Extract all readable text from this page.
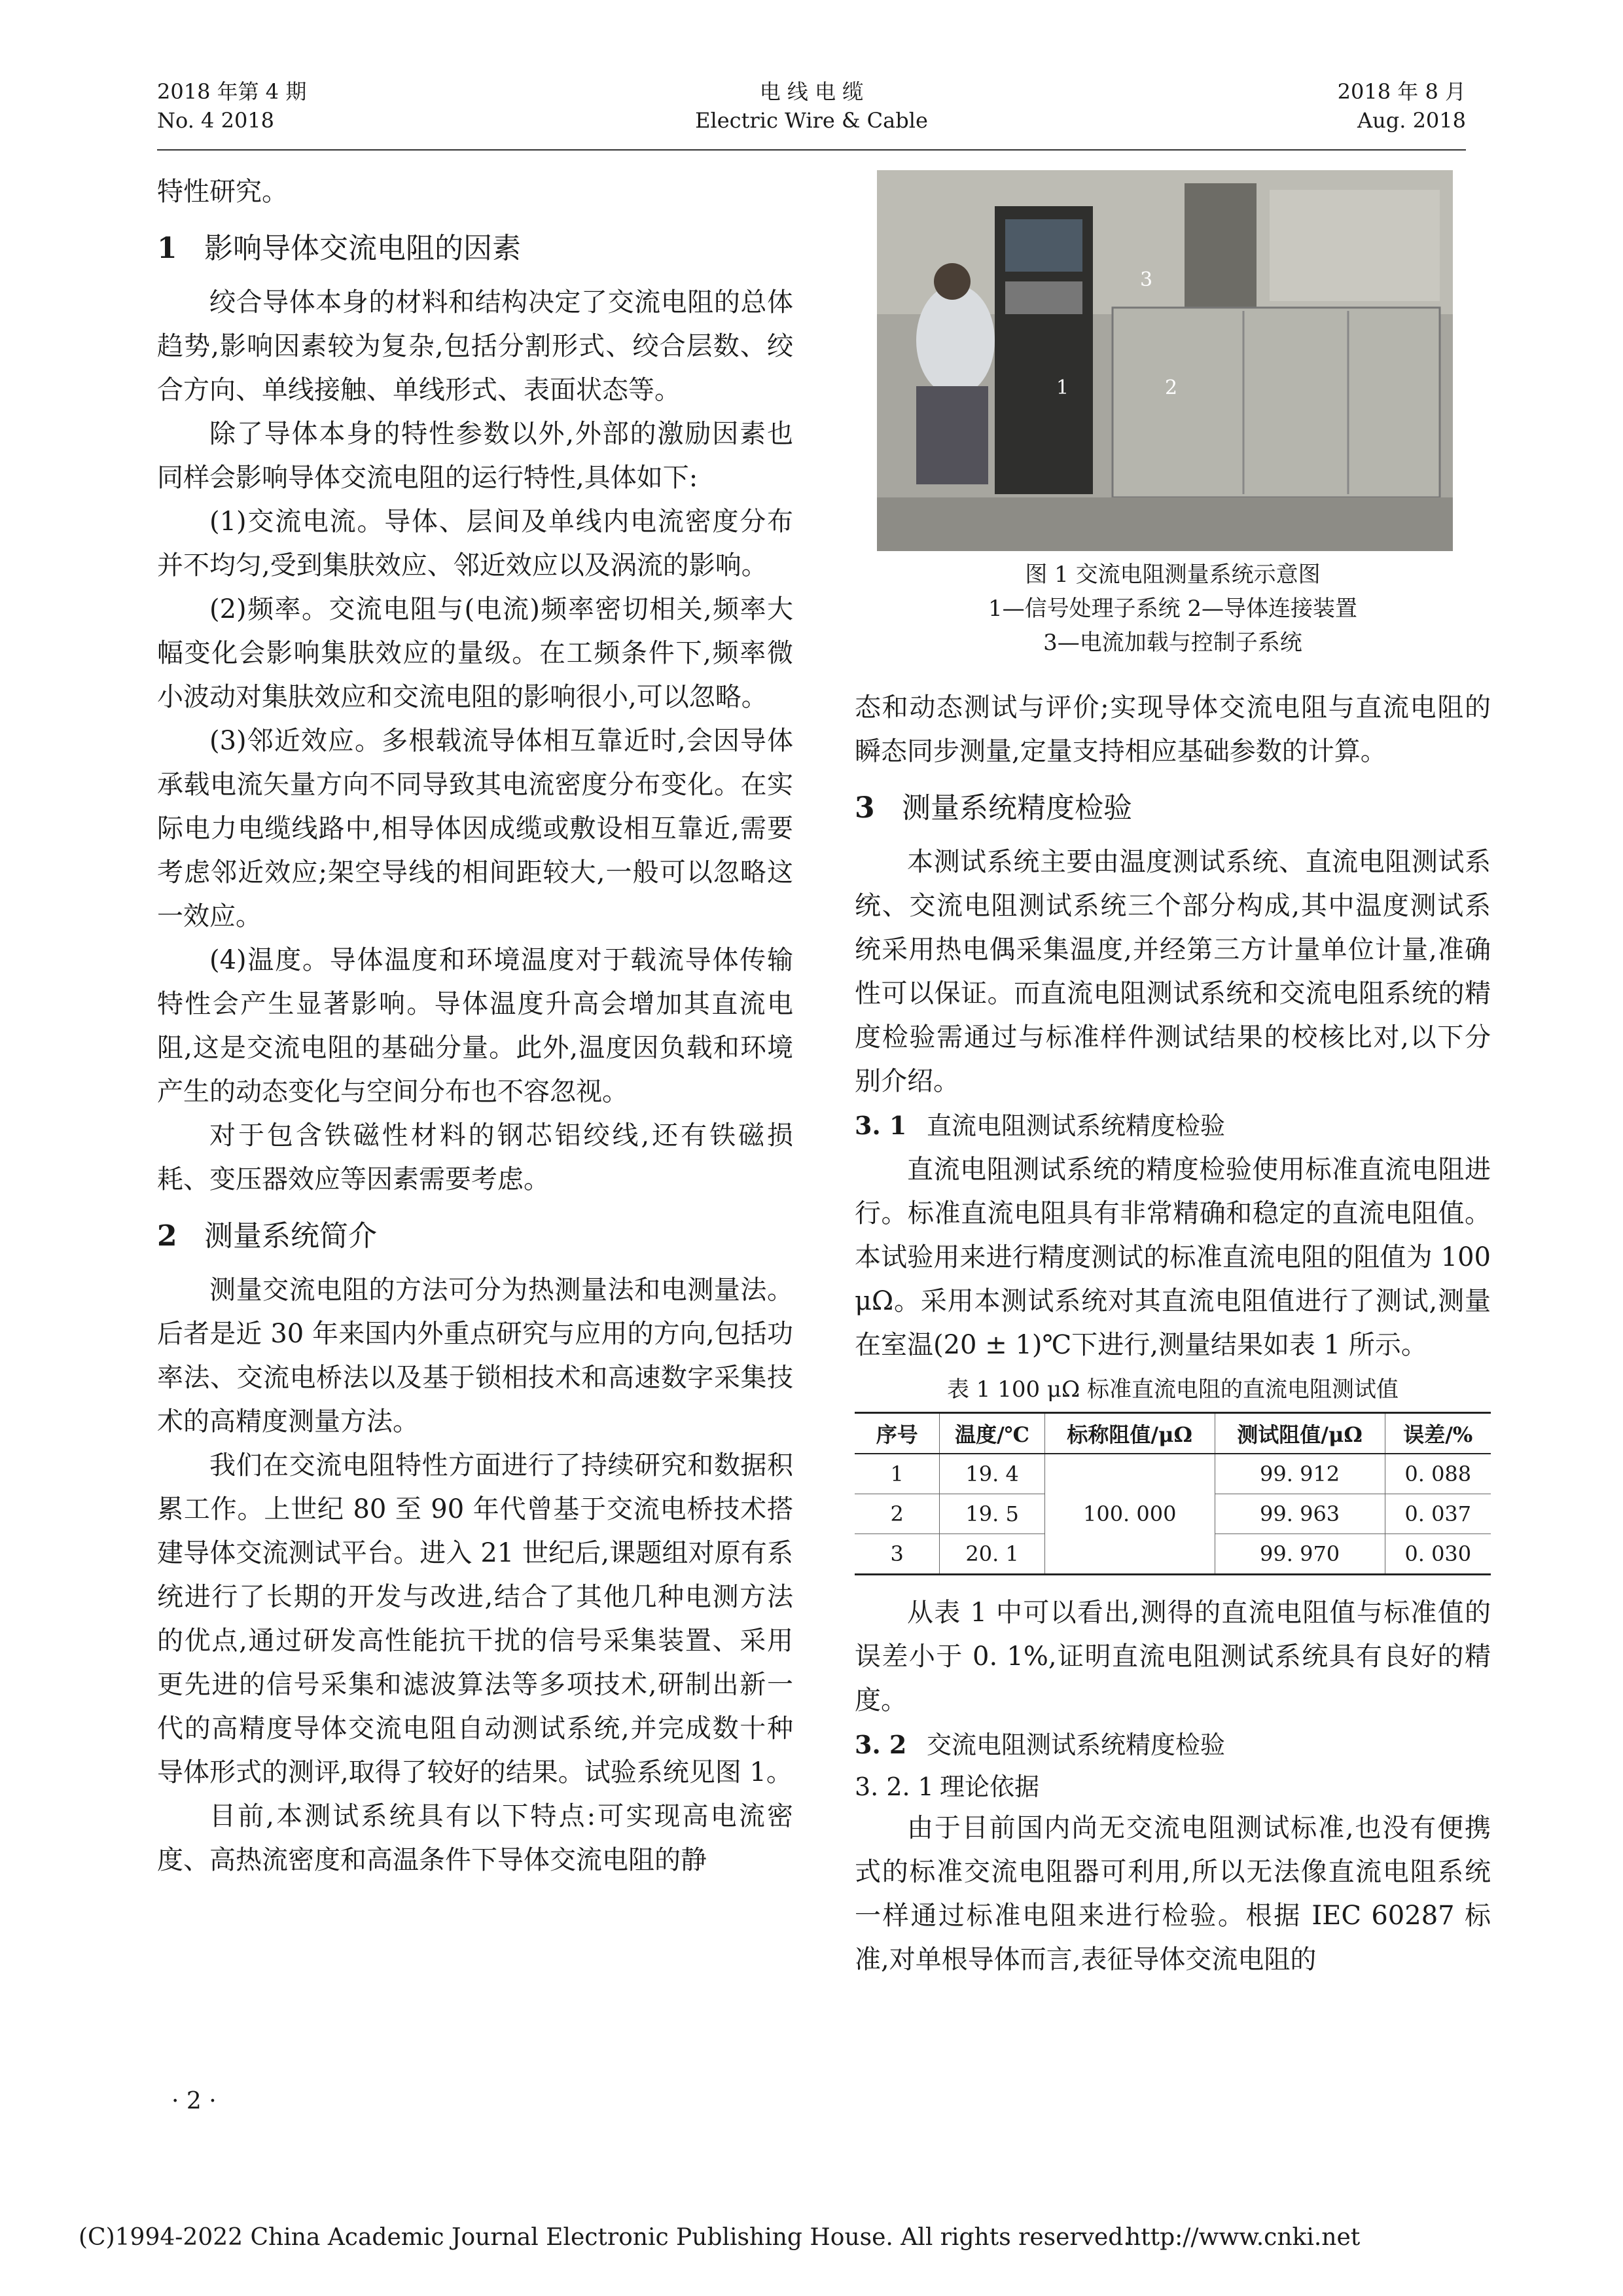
2018 年第 4 期
No. 4 2018
电 线 电 缆
Electric Wire & Cable
2018 年 8 月
Aug. 2018

特性研究。

1 影响导体交流电阻的因素

绞合导体本身的材料和结构决定了交流电阻的总体趋势,影响因素较为复杂,包括分割形式、绞合层数、绞合方向、单线接触、单线形式、表面状态等。

除了导体本身的特性参数以外,外部的激励因素也同样会影响导体交流电阻的运行特性,具体如下:

(1)交流电流。导体、层间及单线内电流密度分布并不均匀,受到集肤效应、邻近效应以及涡流的影响。

(2)频率。交流电阻与(电流)频率密切相关,频率大幅变化会影响集肤效应的量级。在工频条件下,频率微小波动对集肤效应和交流电阻的影响很小,可以忽略。

(3)邻近效应。多根载流导体相互靠近时,会因导体承载电流矢量方向不同导致其电流密度分布变化。在实际电力电缆线路中,相导体因成缆或敷设相互靠近,需要考虑邻近效应;架空导线的相间距较大,一般可以忽略这一效应。

(4)温度。导体温度和环境温度对于载流导体传输特性会产生显著影响。导体温度升高会增加其直流电阻,这是交流电阻的基础分量。此外,温度因负载和环境产生的动态变化与空间分布也不容忽视。

对于包含铁磁性材料的钢芯铝绞线,还有铁磁损耗、变压器效应等因素需要考虑。

2 测量系统简介

测量交流电阻的方法可分为热测量法和电测量法。后者是近 30 年来国内外重点研究与应用的方向,包括功率法、交流电桥法以及基于锁相技术和高速数字采集技术的高精度测量方法。

我们在交流电阻特性方面进行了持续研究和数据积累工作。上世纪 80 至 90 年代曾基于交流电桥技术搭建导体交流测试平台。进入 21 世纪后,课题组对原有系统进行了长期的开发与改进,结合了其他几种电测方法的优点,通过研发高性能抗干扰的信号采集装置、采用更先进的信号采集和滤波算法等多项技术,研制出新一代的高精度导体交流电阻自动测试系统,并完成数十种导体形式的测评,取得了较好的结果。试验系统见图 1。

目前,本测试系统具有以下特点:可实现高电流密度、高热流密度和高温条件下导体交流电阻的静

1	2
3
图 1 交流电阻测量系统示意图
1—信号处理子系统 2—导体连接装置
3—电流加载与控制子系统

态和动态测试与评价;实现导体交流电阻与直流电阻的瞬态同步测量,定量支持相应基础参数的计算。

3 测量系统精度检验

本测试系统主要由温度测试系统、直流电阻测试系统、交流电阻测试系统三个部分构成,其中温度测试系统采用热电偶采集温度,并经第三方计量单位计量,准确性可以保证。而直流电阻测试系统和交流电阻系统的精度检验需通过与标准样件测试结果的校核比对,以下分别介绍。

3. 1 直流电阻测试系统精度检验

直流电阻测试系统的精度检验使用标准直流电阻进行。标准直流电阻具有非常精确和稳定的直流电阻值。本试验用来进行精度测试的标准直流电阻的阻值为 100 μΩ。采用本测试系统对其直流电阻值进行了测试,测量在室温(20 ± 1)℃下进行,测量结果如表 1 所示。

表 1 100 μΩ 标准直流电阻的直流电阻测试值
序号	温度/℃	标称阻值/μΩ	测试阻值/μΩ	误差/%
1	19. 4	100. 000	99. 912	0. 088
2	19. 5		99. 963	0. 037
3	20. 1		99. 970	0. 030

从表 1 中可以看出,测得的直流电阻值与标准值的误差小于 0. 1%,证明直流电阻测试系统具有良好的精度。

3. 2 交流电阻测试系统精度检验
3. 2. 1 理论依据

由于目前国内尚无交流电阻测试标准,也没有便携式的标准交流电阻器可利用,所以无法像直流电阻系统一样通过标准电阻来进行检验。根据 IEC 60287 标准,对单根导体而言,表征导体交流电阻的

· 2 ·
(C)1994-2022 China Academic Journal Electronic Publishing House. All rights reserved.
http://www.cnki.net
